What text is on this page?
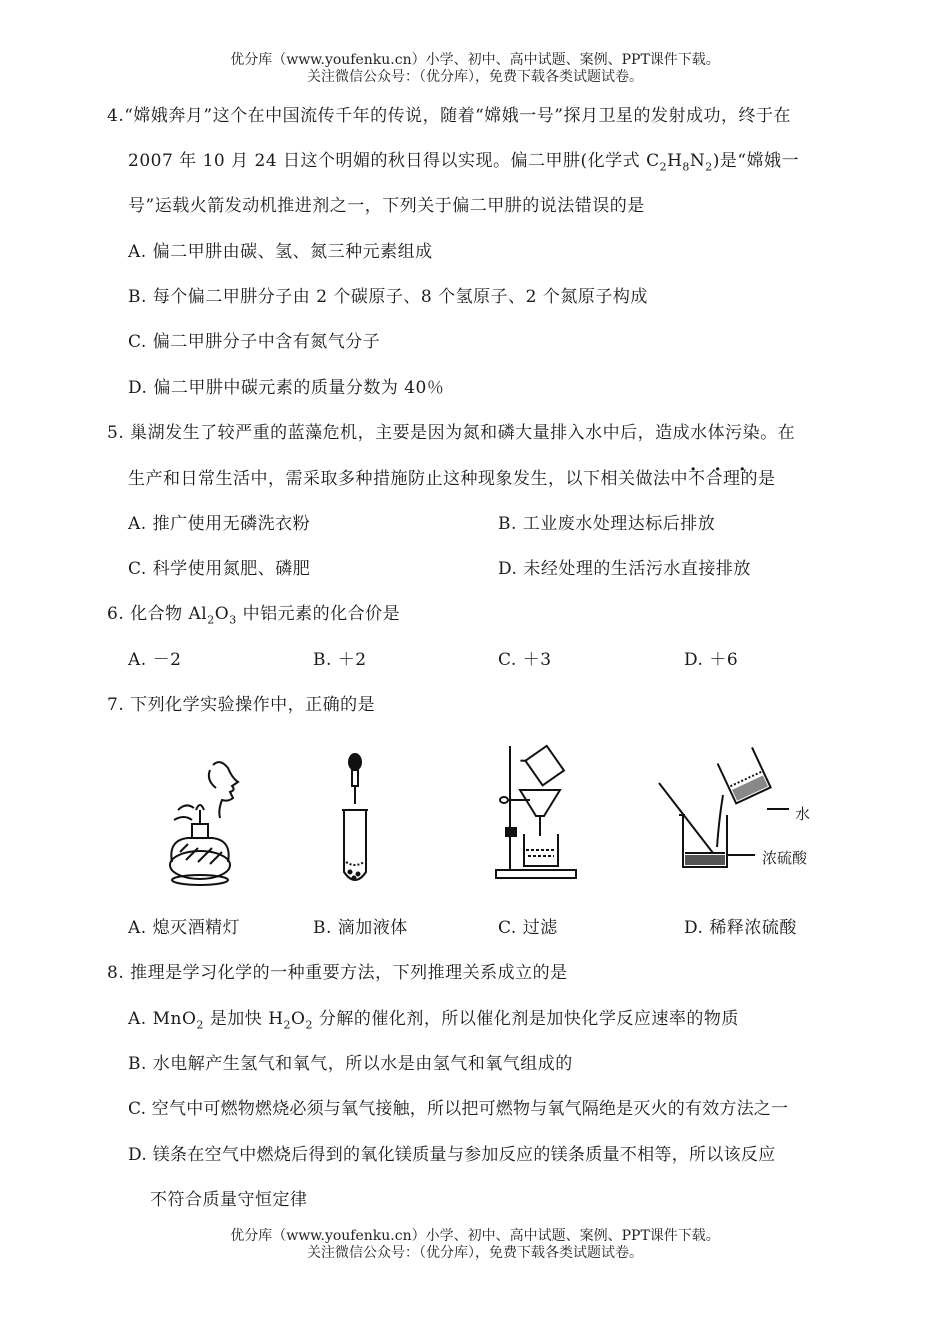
优分库（www.youfenku.cn）小学、初中、高中试题、案例、PPT课件下载。
关注微信公众号：（优分库），免费下载各类试题试卷。
4.“嫦娥奔月”这个在中国流传千年的传说，随着“嫦娥一号”探月卫星的发射成功，终于在
2007 年 10 月 24 日这个明媚的秋日得以实现。偏二甲肼(化学式 $C_2H_8N_2$)是“嫦娥一
号”运载火箭发动机推进剂之一，下列关于偏二甲肼的说法错误的是
A. 偏二甲肼由碳、氢、氮三种元素组成
B. 每个偏二甲肼分子由 2 个碳原子、8 个氢原子、2 个氮原子构成
C. 偏二甲肼分子中含有氮气分子
D. 偏二甲肼中碳元素的质量分数为 40％
5. 巢湖发生了较严重的蓝藻危机，主要是因为氮和磷大量排入水中后，造成水体污染。在
生产和日常生活中，需采取多种措施防止这种现象发生，以下相关做法中· · · 不合理的是
A. 推广使用无磷洗衣粉	B. 工业废水处理达标后排放
C. 科学使用氮肥、磷肥	D. 未经处理的生活污水直接排放
6. 化合物 $Al_2O_3$ 中铝元素的化合价是
A. －2	B. ＋2	C. ＋3	D. ＋6
7. 下列化学实验操作中，正确的是
水
浓硫酸
A. 熄灭酒精灯	B. 滴加液体	C. 过滤	D. 稀释浓硫酸
8. 推理是学习化学的一种重要方法，下列推理关系成立的是
A. MnO$_2$ 是加快 $H_2O_2$ 分解的催化剂，所以催化剂是加快化学反应速率的物质
B. 水电解产生氢气和氧气，所以水是由氢气和氧气组成的
C. 空气中可燃物燃烧必须与氧气接触，所以把可燃物与氧气隔绝是灭火的有效方法之一
D. 镁条在空气中燃烧后得到的氧化镁质量与参加反应的镁条质量不相等，所以该反应
不符合质量守恒定律
优分库（www.youfenku.cn）小学、初中、高中试题、案例、PPT课件下载。
关注微信公众号：（优分库），免费下载各类试题试卷。
